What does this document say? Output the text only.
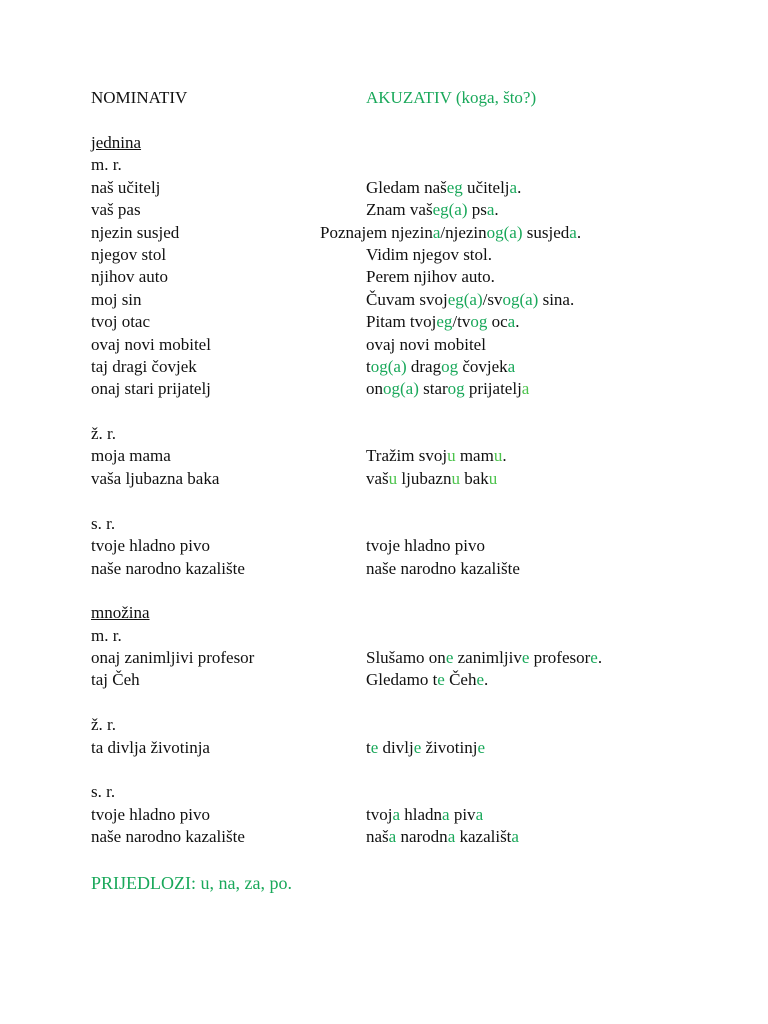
NOMINATIV	AKUZATIV (koga, što?)
jednina
m. r.
naš učitelj	Gledam našeg učitelja.
vaš pas	Znam vašeg(a) psa.
njezin susjed	Poznajem njezina/njezinog(a) susjeda.
njegov stol	Vidim njegov stol.
njihov auto	Perem njihov auto.
moj sin	Čuvam svojeg(a)/svog(a) sina.
tvoj otac	Pitam tvojeg/tvog oca.
ovaj novi mobitel	ovaj novi mobitel
taj dragi čovjek	tog(a) dragog čovjeka
onaj stari prijatelj	onog(a) starog prijatelja
ž. r.
moja mama	Tražim svoju mamu.
vaša ljubazna baka	vašu ljubaznu baku
s. r.
tvoje hladno pivo	tvoje hladno pivo
naše narodno kazalište	naše narodno kazalište
množina
m. r.
onaj zanimljivi profesor	Slušamo one zanimljive profesore.
taj Čeh	Gledamo te Čehe.
ž. r.
ta divlja životinja	te divlje životinje
s. r.
tvoje hladno pivo	tvoja hladna piva
naše narodno kazalište	naša narodna kazališta
PRIJEDLOZI: u, na, za, po.
